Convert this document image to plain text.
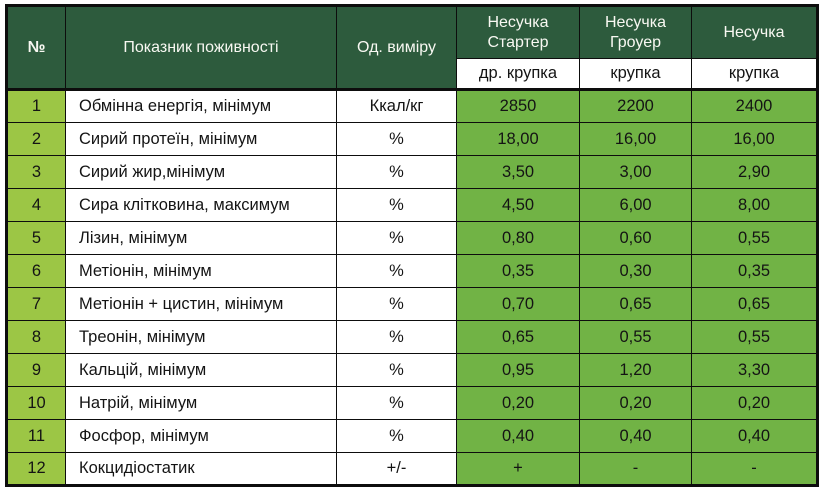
№	Показник поживності	Од. виміру	Несучка Стартер	Несучка Гроуер	Несучка
			др. крупка	крупка	крупка
1	Обмінна енергія, мінімум	Ккал/кг	2850	2200	2400
2	Сирий протеїн, мінімум	%	18,00	16,00	16,00
3	Сирий жир,мінімум	%	3,50	3,00	2,90
4	Сира клітковина, максимум	%	4,50	6,00	8,00
5	Лізин, мінімум	%	0,80	0,60	0,55
6	Метіонін, мінімум	%	0,35	0,30	0,35
7	Метіонін + цистин, мінімум	%	0,70	0,65	0,65
8	Треонін, мінімум	%	0,65	0,55	0,55
9	Кальцій, мінімум	%	0,95	1,20	3,30
10	Натрій, мінімум	%	0,20	0,20	0,20
11	Фосфор, мінімум	%	0,40	0,40	0,40
12	Кокцидіостатик	+/-	+	-	-
